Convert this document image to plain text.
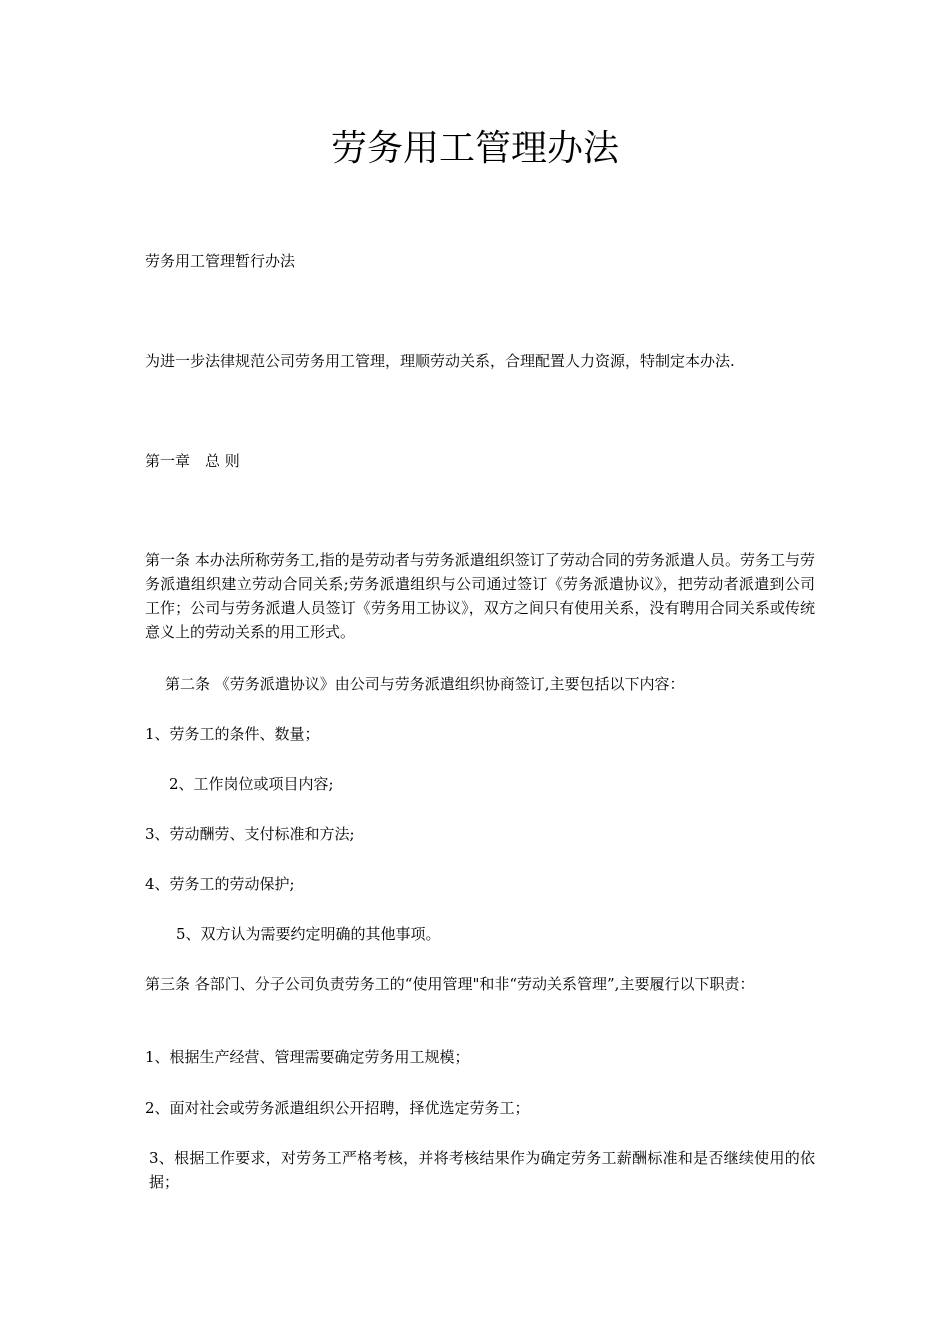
劳务用工管理办法

劳务用工管理暂行办法

为进一步法律规范公司劳务用工管理，理顺劳动关系，合理配置人力资源，特制定本办法.

第一章　总 则

第一条 本办法所称劳务工,指的是劳动者与劳务派遣组织签订了劳动合同的劳务派遣人员。劳务工与劳务派遣组织建立劳动合同关系;劳务派遣组织与公司通过签订《劳务派遣协议》，把劳动者派遣到公司工作；公司与劳务派遣人员签订《劳务用工协议》，双方之间只有使用关系，没有聘用合同关系或传统意义上的劳动关系的用工形式。

第二条 《劳务派遣协议》由公司与劳务派遣组织协商签订,主要包括以下内容：

1、劳务工的条件、数量；

2、工作岗位或项目内容;

3、劳动酬劳、支付标准和方法;

4、劳务工的劳动保护;

5、双方认为需要约定明确的其他事项。

第三条 各部门、分子公司负责劳务工的“使用管理"和非“劳动关系管理”,主要履行以下职责：

1、根据生产经营、管理需要确定劳务用工规模；

2、面对社会或劳务派遣组织公开招聘，择优选定劳务工；

3、根据工作要求，对劳务工严格考核，并将考核结果作为确定劳务工薪酬标准和是否继续使用的依据；
